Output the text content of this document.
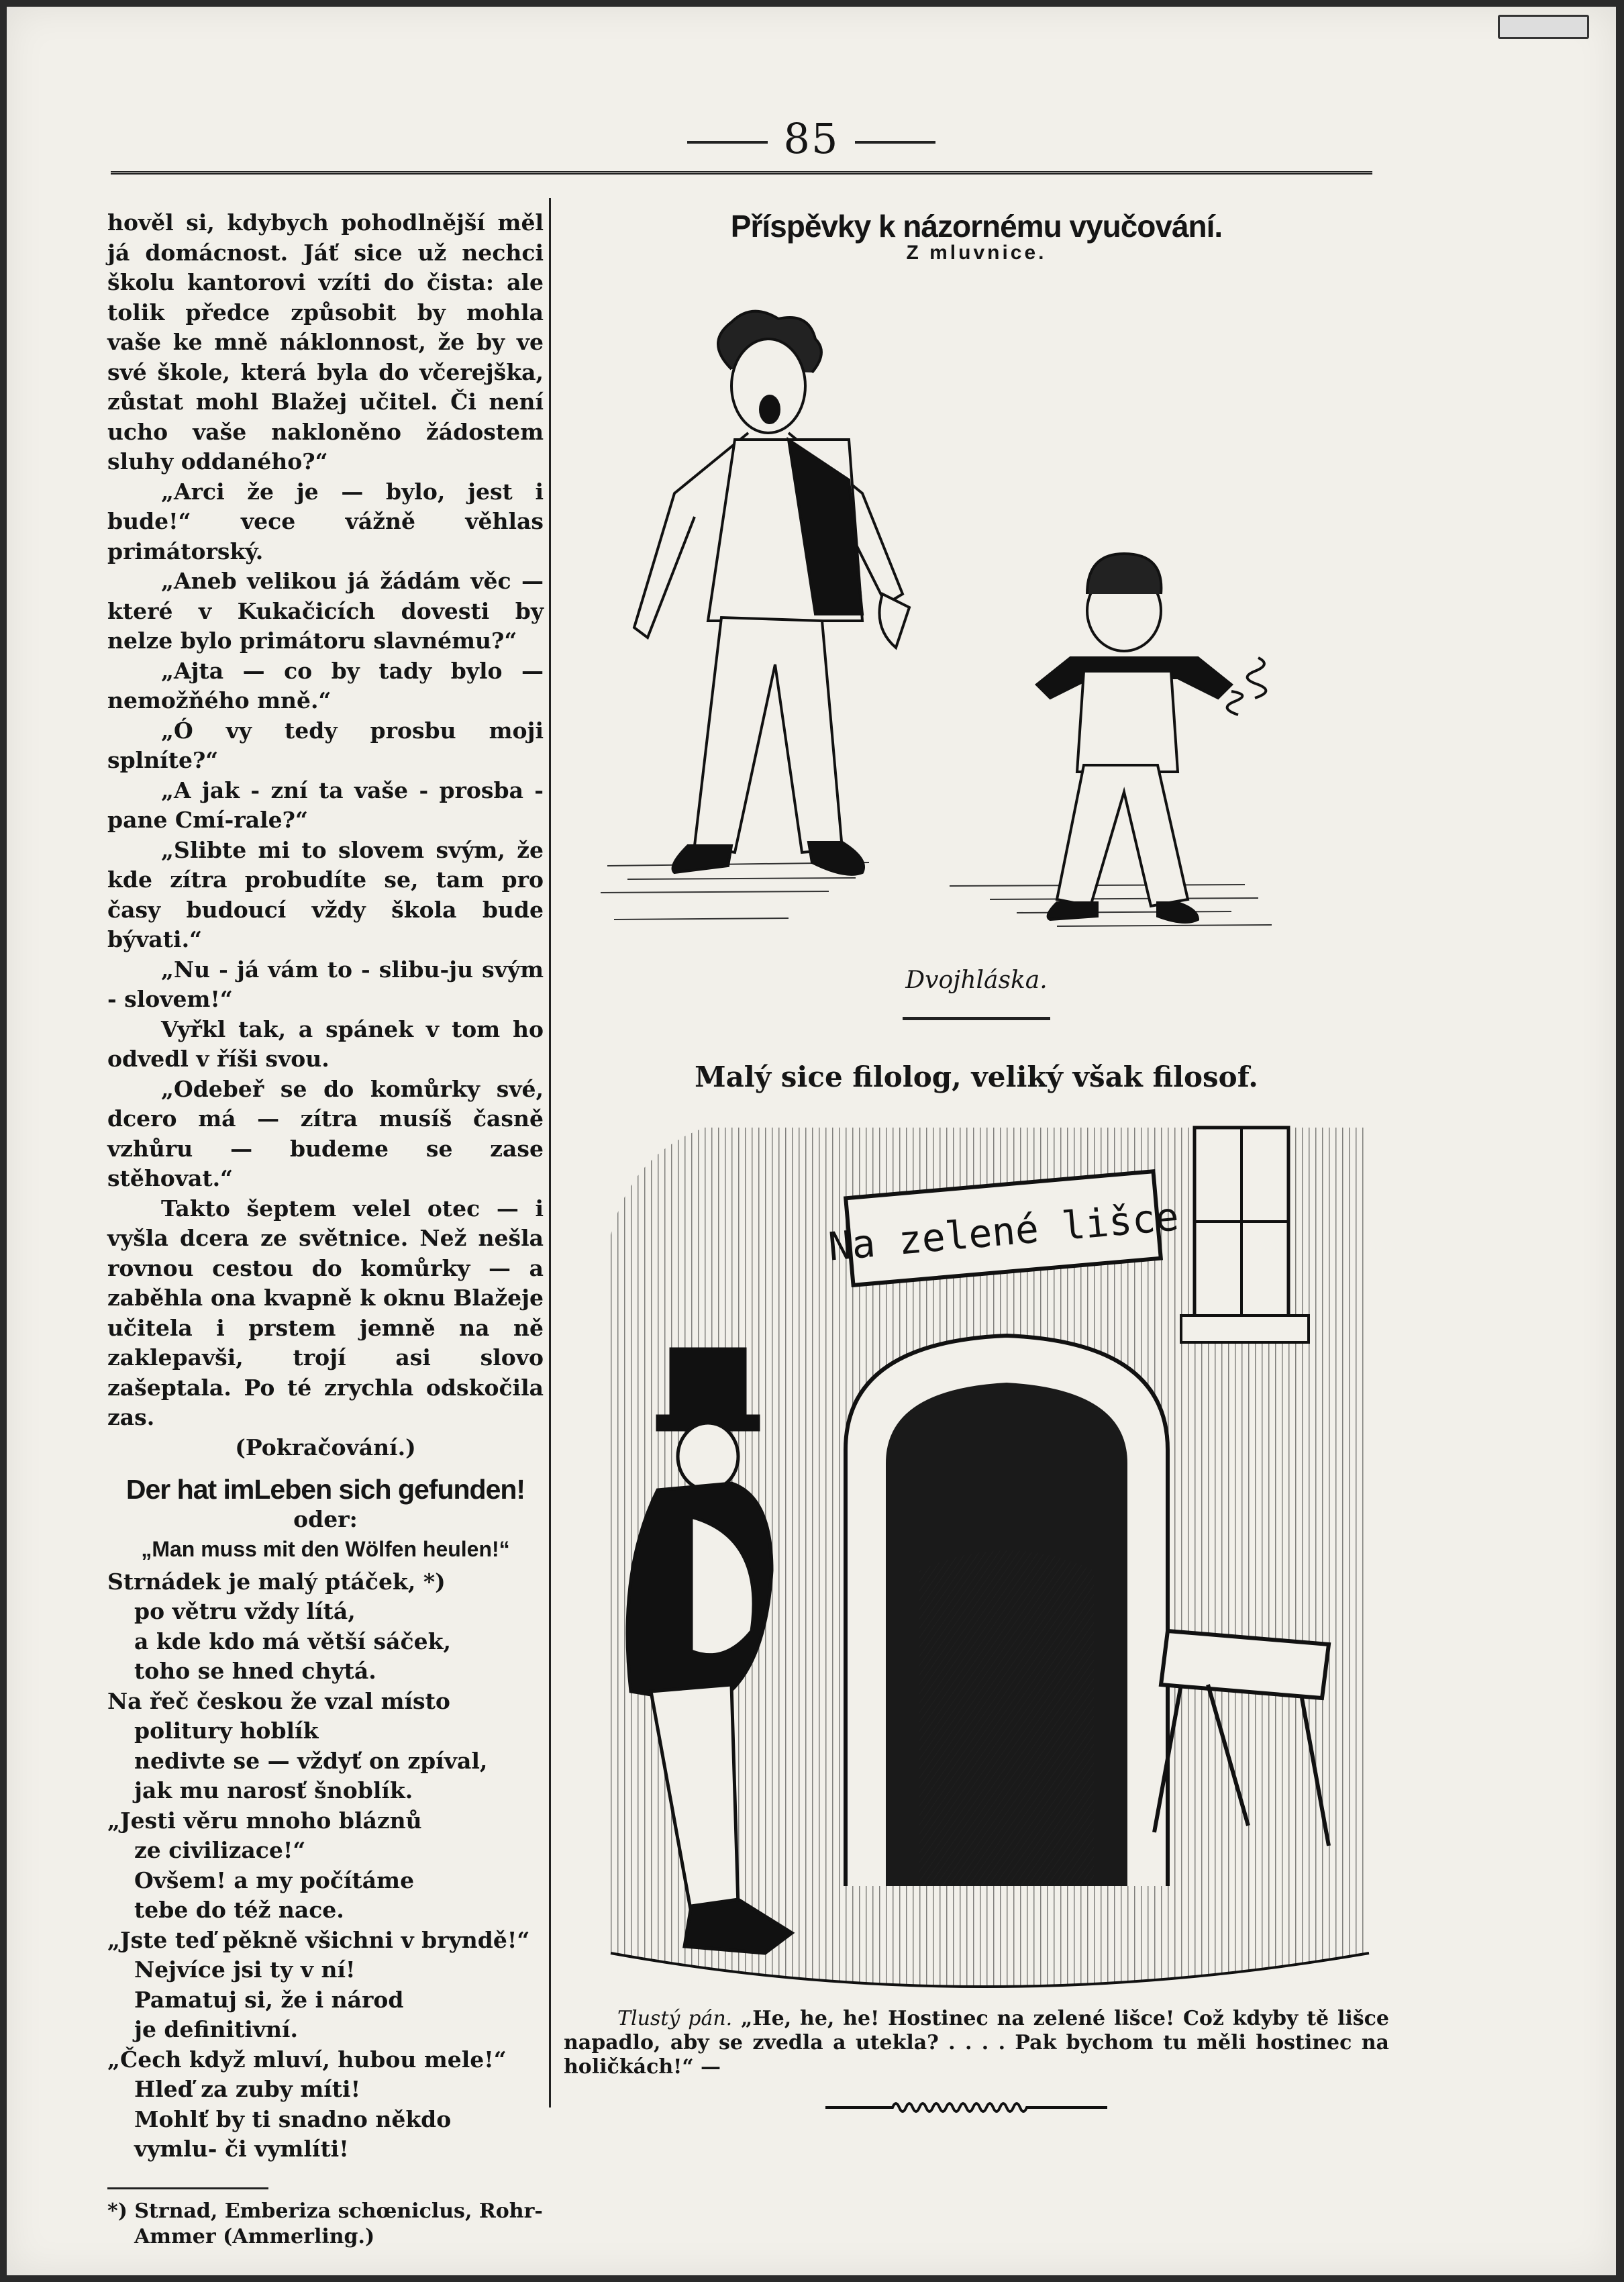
85

hověl si, kdybych pohodlnější měl já domácnost. Jáť sice už nechci školu kantorovi vzíti do čista: ale tolik předce způsobit by mohla vaše ke mně náklonnost, že by ve své škole, která byla do včerejška, zůstat mohl Blažej učitel. Či není ucho vaše nakloněno žádostem sluhy oddaného?“

„Arci že je — bylo, jest i bude!“ vece vážně věhlas primátorský.

„Aneb velikou já žádám věc — které v Kukačicích dovesti by nelze bylo primátoru slavnému?“

„Ajta — co by tady bylo — nemožňého mně.“

„Ó vy tedy prosbu moji splníte?“

„A jak - zní ta vaše - prosba - pane Cmí-rale?“

„Slibte mi to slovem svým, že kde zítra probudíte se, tam pro časy budoucí vždy škola bude bývati.“

„Nu - já vám to - slibu-ju svým - slovem!“

Vyřkl tak, a spánek v tom ho odvedl v říši svou.

„Odebeř se do komůrky své, dcero má — zítra musíš časně vzhůru — budeme se zase stěhovat.“

Takto šeptem velel otec — i vyšla dcera ze světnice. Než nešla rovnou cestou do komůrky — a zaběhla ona kvapně k oknu Blažeje učitela i prstem jemně na ně zaklepavši, trojí asi slovo zašeptala. Po té zrychla odskočila zas.

(Pokračování.)

Der hat imLeben sich gefunden!
oder:
„Man muss mit den Wölfen heulen!“

Strnádek je malý ptáček, *)

po větru vždy lítá,

a kde kdo má větší sáček,

toho se hned chytá.

Na řeč českou že vzal místo

politury hoblík

nedivte se — vždyť on zpíval,

jak mu narosť šnoblík.

„Jesti věru mnoho bláznů

ze civilizace!“

Ovšem! a my počítáme

tebe do též nace.

„Jste teď pěkně všichni v bryndě!“

Nejvíce jsi ty v ní!

Pamatuj si, že i národ

je definitivní.

„Čech když mluví, hubou mele!“

Hleď za zuby míti!

Mohlť by ti snadno někdo

vymlu- či vymlíti!

*) Strnad, Emberiza schœniclus, Rohr-
Ammer (Ammerling.)
Příspěvky k názornému vyučování.
Z mluvnice.
Dvojhláska.
Malý sice filolog, veliký však filosof.
Na zelené lišce
Tlustý pán. „He, he, he! Hostinec na zelené lišce! Což kdyby tě lišce napadlo, aby se zvedla a utekla? . . . . Pak bychom tu měli hostinec na holičkách!“ —
